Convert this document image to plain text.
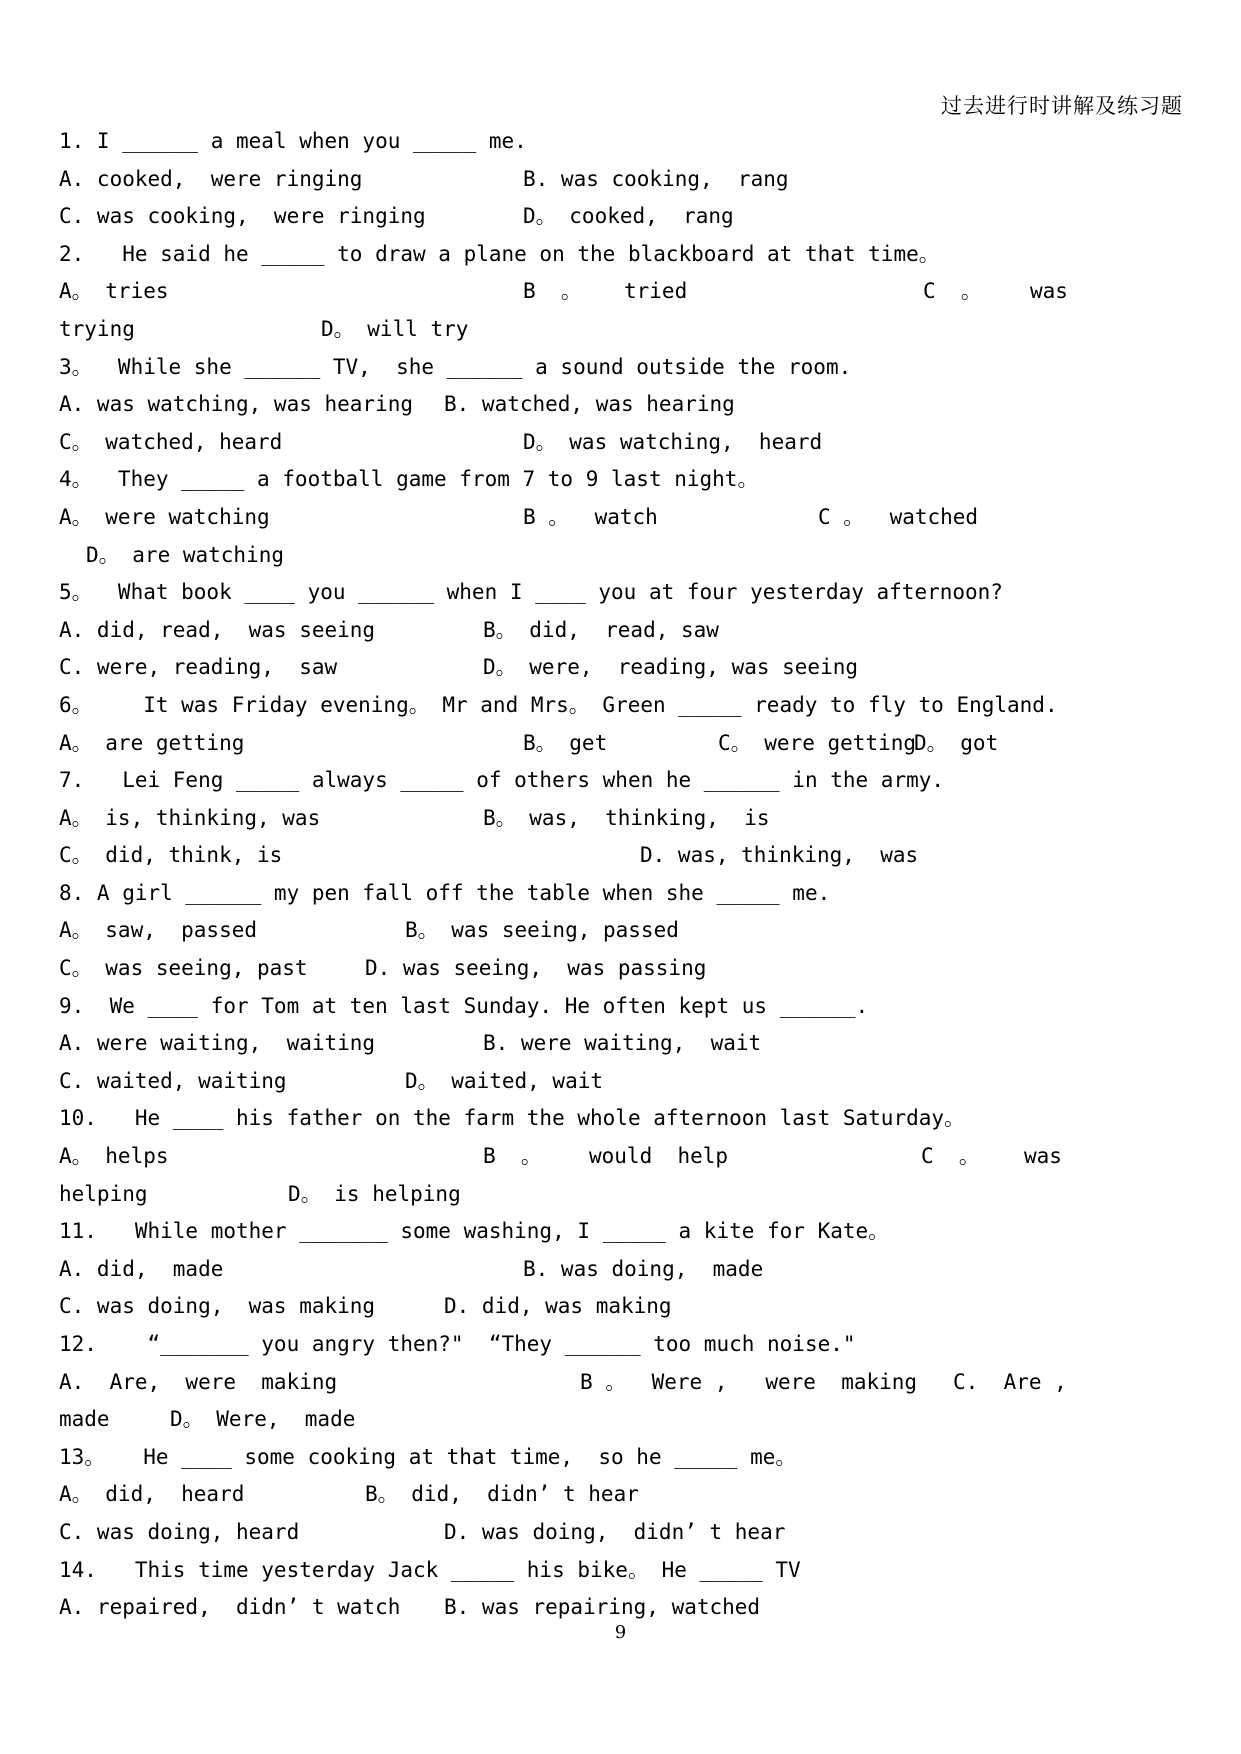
过去进行时讲解及练习题
1. I ______ a meal when you _____ me.
A. cooked,  were ringing	B. was cooking,  rang
C. was cooking,  were ringing	D。 cooked,  rang
2.   He said he _____ to draw a plane on the blackboard at that time。
A。 tries	B  。 tried	C  。 was
trying	D。 will try
3。  While she ______ TV,  she ______ a sound outside the room.
A. was watching, was hearing B. watched, was hearing
C。 watched, heard	D。 was watching,  heard
4。  They _____ a football game from 7 to 9 last night。
A。 were watching	B 。  watch	C 。  watched
D。 are watching
5。  What book ____ you ______ when I ____ you at four yesterday afternoon?
A. did, read,  was seeing	B。 did,  read, saw
C. were, reading,  saw	D。 were,  reading, was seeing
6。    It was Friday evening。 Mr and Mrs。 Green _____ ready to fly to England.
A。 are getting	B。 get	C。 were getting
D。 got
7.   Lei Feng _____ always _____ of others when he ______ in the army.
A。 is, thinking, was	B。 was,  thinking,  is
C。 did, think, is	D. was, thinking,  was
8. A girl ______ my pen fall off the table when she _____ me.
A。 saw,  passed	B。 was seeing, passed
C。 was seeing, past	D. was seeing,  was passing
9.  We ____ for Tom at ten last Sunday. He often kept us ______.
A. were waiting,  waiting	B. were waiting,  wait
C. waited, waiting	D。 waited, wait
10.   He ____ his father on the farm the whole afternoon last Saturday。
A。 helps	B  。 would  help	C  。 was
helping	D。 is helping
11.   While mother _______ some washing, I _____ a kite for Kate。
A. did,  made	B. was doing,  made
C. was doing,  was making	D. did, was making
12.    “_______ you angry then?"  “They ______ too much noise."
A.  Are,  were  making	B 。  Were ,   were  making C.  Are ,
made	D。 Were,  made
13。   He ____ some cooking at that time,  so he _____ me。
A。 did,  heard	B。 did,  didn’ t hear
C. was doing, heard	D. was doing,  didn’ t hear
14.   This time yesterday Jack _____ his bike。 He _____ TV
A. repaired,  didn’ t watch B. was repairing, watched
9
